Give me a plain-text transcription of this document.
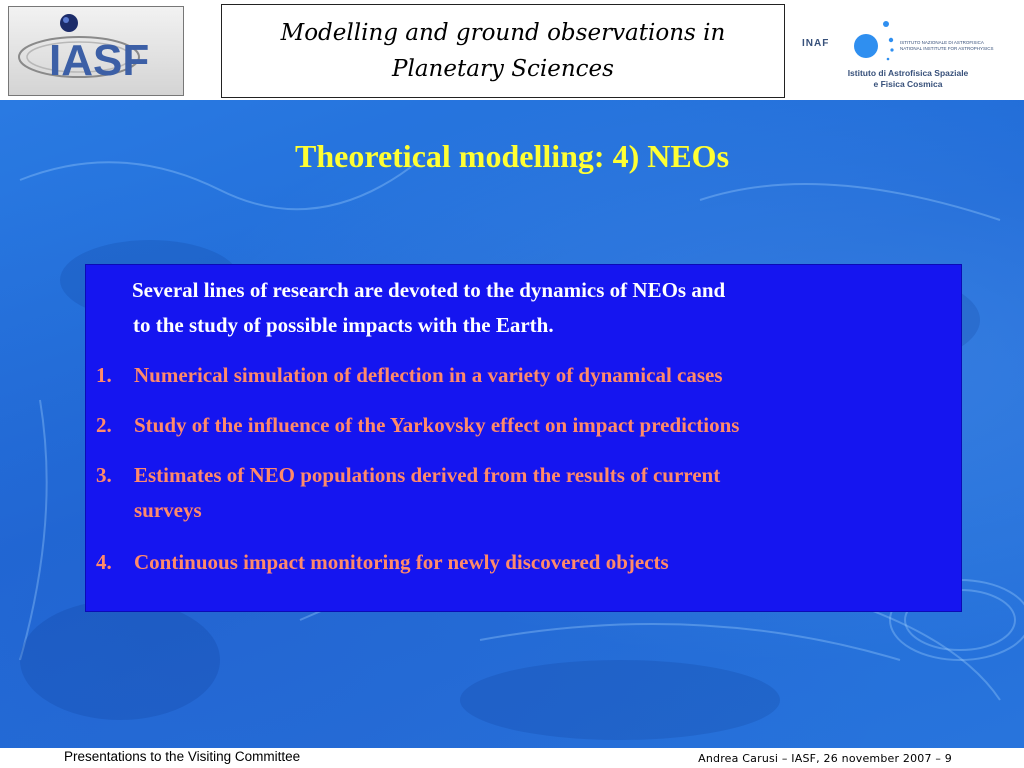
IASF
Modelling and ground observations in
Planetary Sciences
INAF	ISTITUTO NAZIONALE DI ASTROFISICA NATIONAL INSTITUTE FOR ASTROPHYSICS
Istituto di Astrofisica Spaziale
e Fisica Cosmica
Theoretical modelling: 4) NEOs
Several lines of research are devoted to the dynamics of NEOs and
to the study of possible impacts with the Earth.
1.	Numerical simulation of deflection in a variety of dynamical cases
2.	Study of the influence of the Yarkovsky effect on impact predictions
3.	Estimates of NEO populations derived from the results of current
surveys
4.	Continuous impact monitoring for newly discovered objects
Presentations to the Visiting Committee	Andrea Carusi – IASF, 26 november 2007 – 9
